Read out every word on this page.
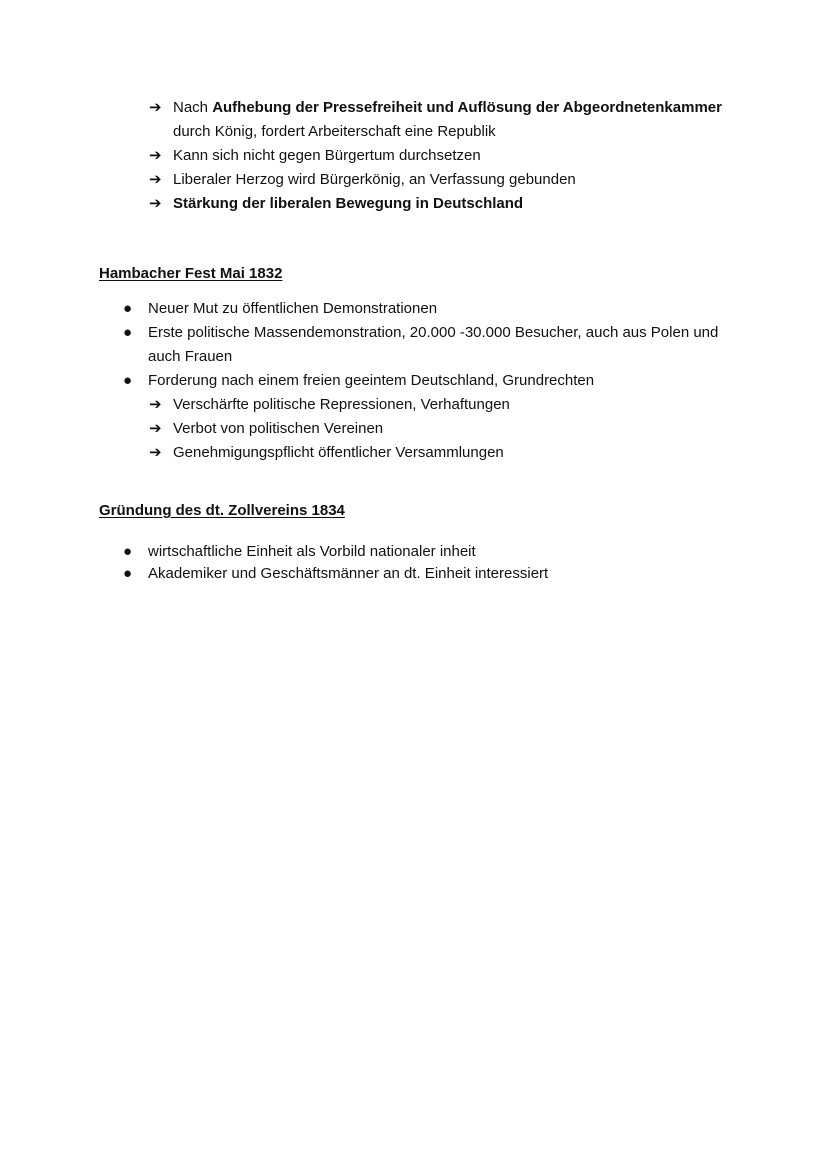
➔ Nach Aufhebung der Pressefreiheit und Auflösung der Abgeordnetenkammer durch König, fordert Arbeiterschaft eine Republik
➔ Kann sich nicht gegen Bürgertum durchsetzen
➔ Liberaler Herzog wird Bürgerkönig, an Verfassung gebunden
➔ Stärkung der liberalen Bewegung in Deutschland
Hambacher Fest Mai 1832
● Neuer Mut zu öffentlichen Demonstrationen
● Erste politische Massendemonstration, 20.000 -30.000 Besucher, auch aus Polen und auch Frauen
● Forderung nach einem freien geeintem Deutschland, Grundrechten
➔ Verschärfte politische Repressionen, Verhaftungen
➔ Verbot von politischen Vereinen
➔ Genehmigungspflicht öffentlicher Versammlungen
Gründung des dt. Zollvereins 1834
● wirtschaftliche Einheit als Vorbild nationaler inheit
● Akademiker und Geschäftsmänner an dt. Einheit interessiert
